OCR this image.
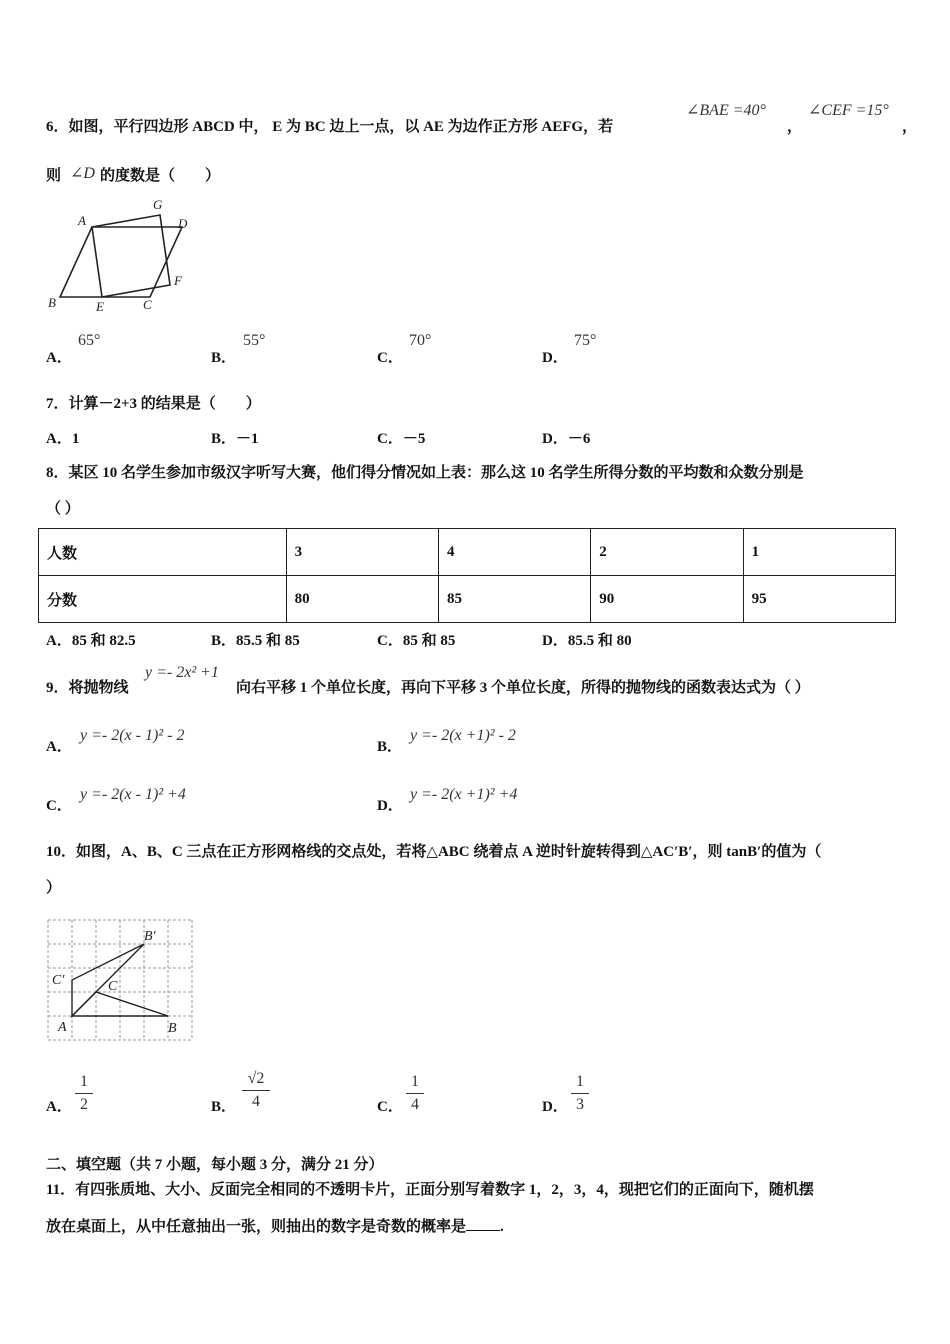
6．如图，平行四边形 ABCD 中， E 为 BC 边上一点，以 AE 为边作正方形 AEFG，若
∠BAE =40°
，
∠CEF =15°
，
则 ∠D 的度数是（　　）
A
G
D
F
B	E	C
A．
65°
B．
55°
C．
70°
D．
75°
7．计算－2+3 的结果是（　　）
A．1	B．－1	C．－5	D．－6
8．某区 10 名学生参加市级汉字听写大赛，他们得分情况如上表：那么这 10 名学生所得分数的平均数和众数分别是
（ ）
人数	3	4	2	1
分数	80	85	90	95
A．85 和 82.5	B．85.5 和 85	C．85 和 85	D．85.5 和 80
9．将抛物线
y =- 2x² +1
向右平移 1 个单位长度，再向下平移 3 个单位长度，所得的抛物线的函数表达式为（ ）
A．
y =- 2(x - 1)² - 2
B．
y =- 2(x +1)² - 2
C．
y =- 2(x - 1)² +4
D．
y =- 2(x +1)² +4
10．如图，A、B、C 三点在正方形网格线的交点处，若将△ABC 绕着点 A 逆时针旋转得到△AC′B′，则 tanB′的值为（
）
B′
C′	C
A	B
A．
1
2	B．
√2
4	C．
1
4	D．
1
3
二、填空题（共 7 小题，每小题 3 分，满分 21 分）
11．有四张质地、大小、反面完全相同的不透明卡片，正面分别写着数字 1，2，3，4，现把它们的正面向下，随机摆
放在桌面上，从中任意抽出一张，则抽出的数字是奇数的概率是 .
